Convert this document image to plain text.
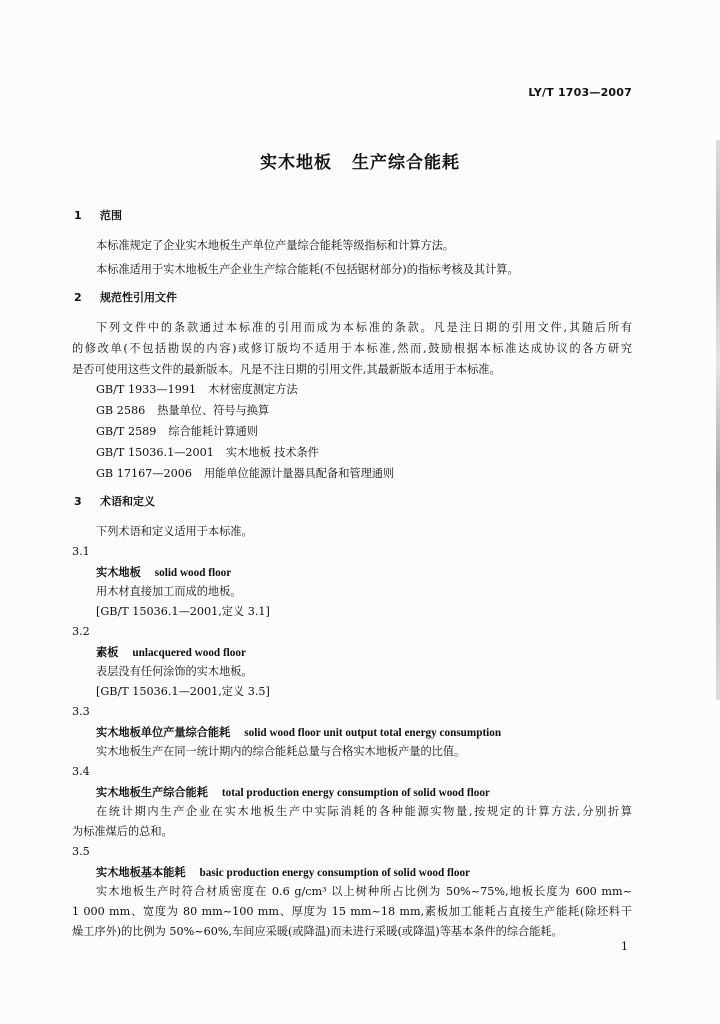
LY/T 1703—2007
实木地板 生产综合能耗
1 范围
本标准规定了企业实木地板生产单位产量综合能耗等级指标和计算方法。
本标准适用于实木地板生产企业生产综合能耗(不包括锯材部分)的指标考核及其计算。
2 规范性引用文件
下列文件中的条款通过本标准的引用而成为本标准的条款。凡是注日期的引用文件,其随后所有
的修改单(不包括勘误的内容)或修订版均不适用于本标准,然而,鼓励根据本标准达成协议的各方研究
是否可使用这些文件的最新版本。凡是不注日期的引用文件,其最新版本适用于本标准。
GB/T 1933—1991 木材密度测定方法
GB 2586 热量单位、符号与换算
GB/T 2589 综合能耗计算通则
GB/T 15036.1—2001 实木地板 技术条件
GB 17167—2006 用能单位能源计量器具配备和管理通则
3 术语和定义
下列术语和定义适用于本标准。
3.1
实木地板 solid wood floor
用木材直接加工而成的地板。
[GB/T 15036.1—2001,定义 3.1]
3.2
素板 unlacquered wood floor
表层没有任何涂饰的实木地板。
[GB/T 15036.1—2001,定义 3.5]
3.3
实木地板单位产量综合能耗 solid wood floor unit output total energy consumption
实木地板生产在同一统计期内的综合能耗总量与合格实木地板产量的比值。
3.4
实木地板生产综合能耗 total production energy consumption of solid wood floor
在统计期内生产企业在实木地板生产中实际消耗的各种能源实物量,按规定的计算方法,分别折算
为标准煤后的总和。
3.5
实木地板基本能耗 basic production energy consumption of solid wood floor
实木地板生产时符合材质密度在 0.6 g/cm³ 以上树种所占比例为 50%~75%,地板长度为 600 mm~
1 000 mm、宽度为 80 mm~100 mm、厚度为 15 mm~18 mm,素板加工能耗占直接生产能耗(除坯料干
燥工序外)的比例为 50%~60%,车间应采暖(或降温)而未进行采暖(或降温)等基本条件的综合能耗。
1
